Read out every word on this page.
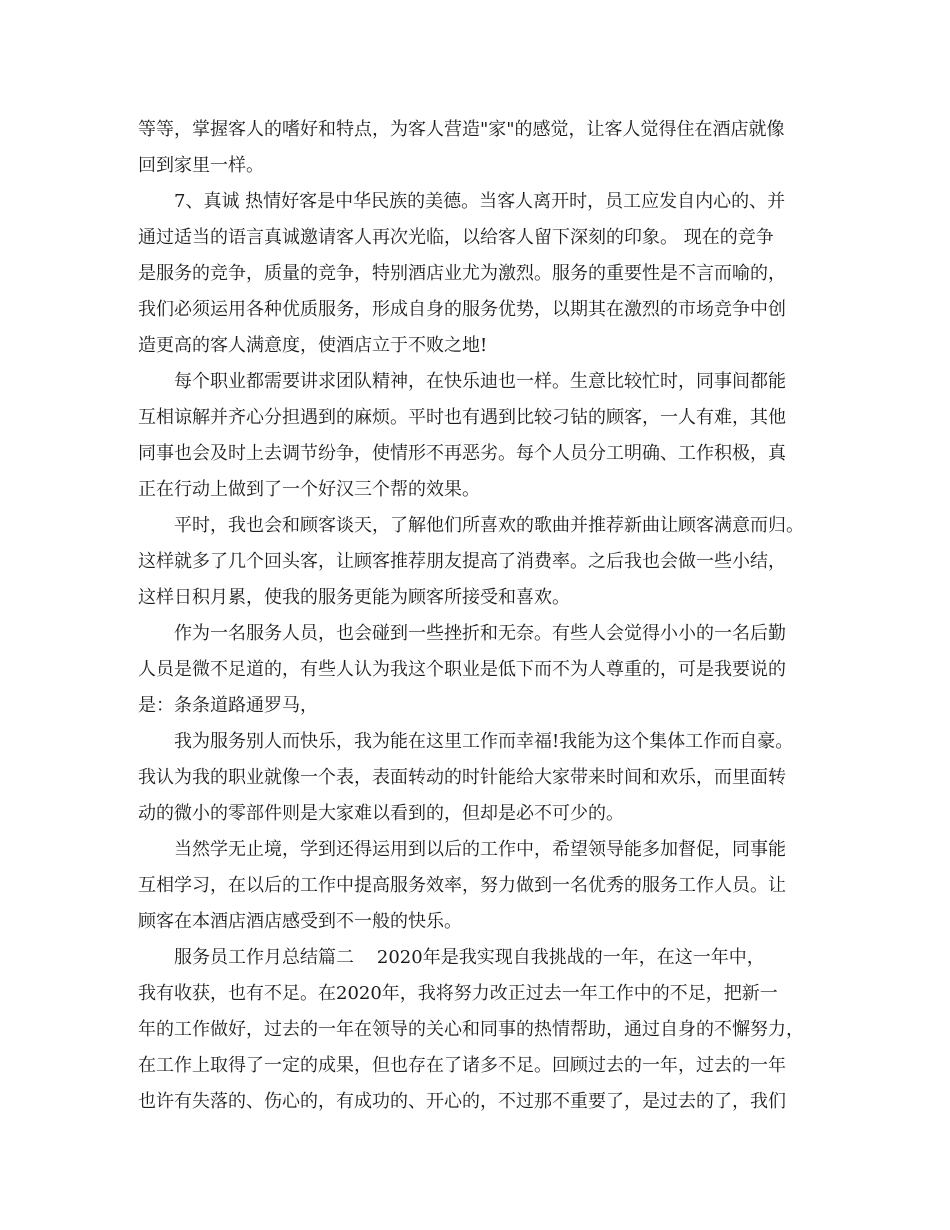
等等，掌握客人的嗜好和特点，为客人营造"家"的感觉，让客人觉得住在酒店就像
回到家里一样。
7、真诚 热情好客是中华民族的美德。当客人离开时，员工应发自内心的、并
通过适当的语言真诚邀请客人再次光临，以给客人留下深刻的印象。 现在的竞争
是服务的竞争，质量的竞争，特别酒店业尤为激烈。服务的重要性是不言而喻的，
我们必须运用各种优质服务，形成自身的服务优势，以期其在激烈的市场竞争中创
造更高的客人满意度，使酒店立于不败之地!
每个职业都需要讲求团队精神，在快乐迪也一样。生意比较忙时，同事间都能
互相谅解并齐心分担遇到的麻烦。平时也有遇到比较刁钻的顾客，一人有难，其他
同事也会及时上去调节纷争，使情形不再恶劣。每个人员分工明确、工作积极，真
正在行动上做到了一个好汉三个帮的效果。
平时，我也会和顾客谈天，了解他们所喜欢的歌曲并推荐新曲让顾客满意而归。
这样就多了几个回头客，让顾客推荐朋友提高了消费率。之后我也会做一些小结，
这样日积月累，使我的服务更能为顾客所接受和喜欢。
作为一名服务人员，也会碰到一些挫折和无奈。有些人会觉得小小的一名后勤
人员是微不足道的，有些人认为我这个职业是低下而不为人尊重的，可是我要说的
是：条条道路通罗马，
我为服务别人而快乐，我为能在这里工作而幸福!我能为这个集体工作而自豪。
我认为我的职业就像一个表，表面转动的时针能给大家带来时间和欢乐，而里面转
动的微小的零部件则是大家难以看到的，但却是必不可少的。
当然学无止境，学到还得运用到以后的工作中，希望领导能多加督促，同事能
互相学习，在以后的工作中提高服务效率，努力做到一名优秀的服务工作人员。让
顾客在本酒店酒店感受到不一般的快乐。
服务员工作月总结篇二    2020年是我实现自我挑战的一年，在这一年中，
我有收获，也有不足。在2020年，我将努力改正过去一年工作中的不足，把新一
年的工作做好，过去的一年在领导的关心和同事的热情帮助，通过自身的不懈努力，
在工作上取得了一定的成果，但也存在了诸多不足。回顾过去的一年，过去的一年
也许有失落的、伤心的，有成功的、开心的，不过那不重要了，是过去的了，我们
